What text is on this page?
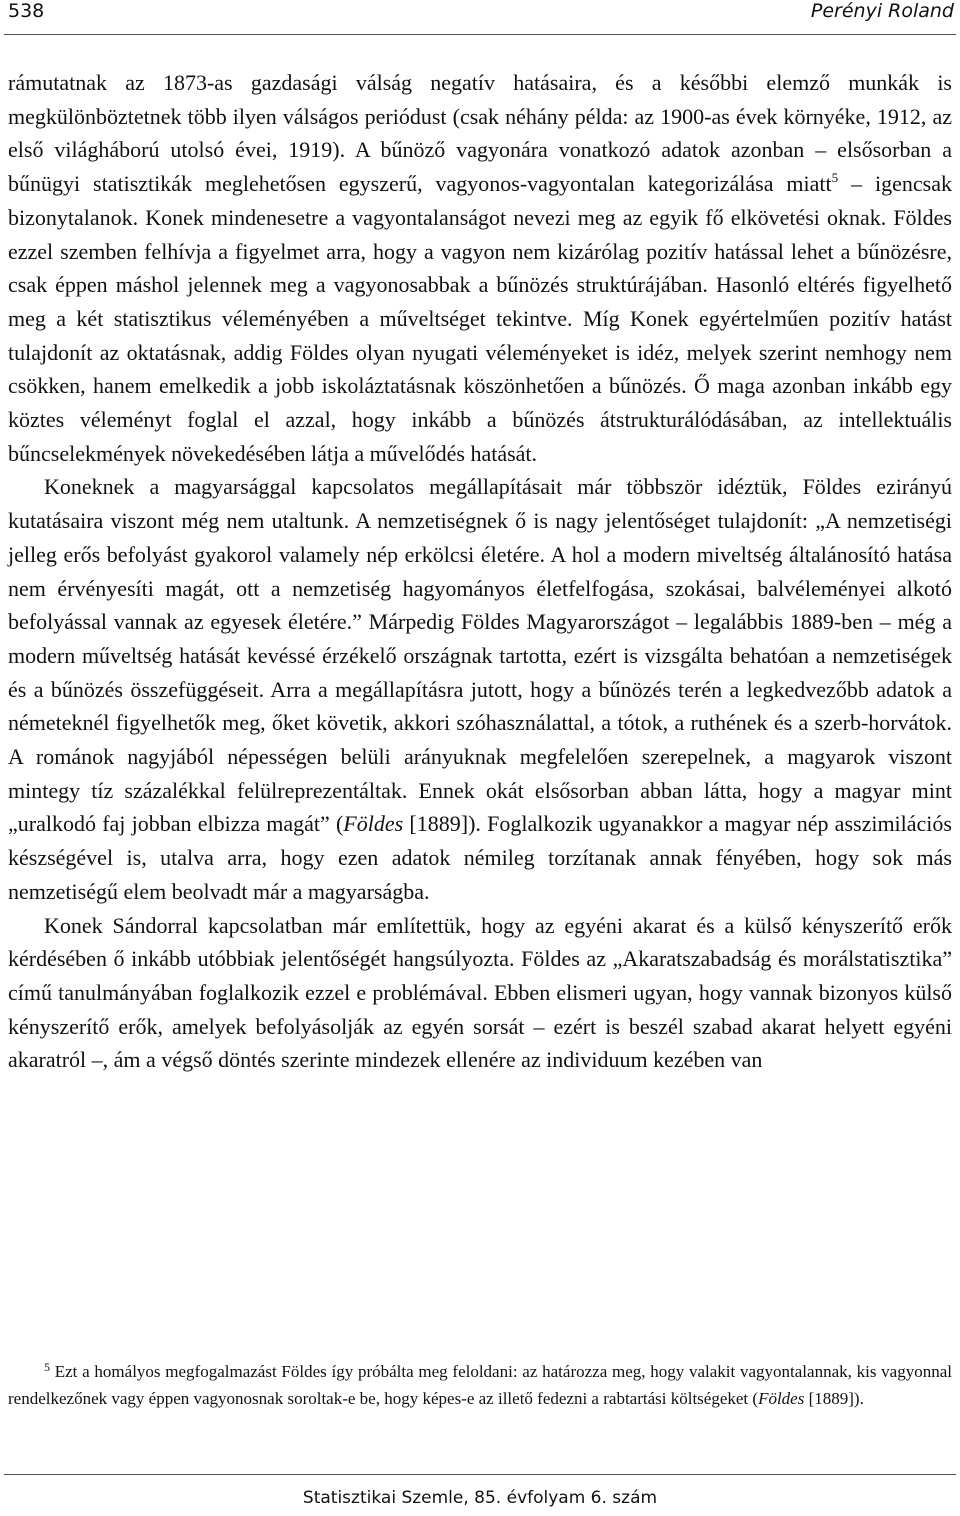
538	Perényi Roland

rámutatnak az 1873-as gazdasági válság negatív hatásaira, és a későbbi elemző munkák is megkülönböztetnek több ilyen válságos periódust (csak néhány példa: az 1900-as évek környéke, 1912, az első világháború utolsó évei, 1919). A bűnöző vagyonára vonatkozó adatok azonban – elsősorban a bűnügyi statisztikák meglehetősen egyszerű, vagyonos-vagyontalan kategorizálása miatt$^5$ – igencsak bizonytalanok. Konek mindenesetre a vagyontalanságot nevezi meg az egyik fő elkövetési oknak. Földes ezzel szemben felhívja a figyelmet arra, hogy a vagyon nem kizárólag pozitív hatással lehet a bűnözésre, csak éppen máshol jelennek meg a vagyonosabbak a bűnözés struktúrájában. Hasonló eltérés figyelhető meg a két statisztikus véleményében a műveltséget tekintve. Míg Konek egyértelműen pozitív hatást tulajdonít az oktatásnak, addig Földes olyan nyugati véleményeket is idéz, melyek szerint nemhogy nem csökken, hanem emelkedik a jobb iskoláztatásnak köszönhetően a bűnözés. Ő maga azonban inkább egy köztes véleményt foglal el azzal, hogy inkább a bűnözés átstrukturálódásában, az intellektuális bűncselekmények növekedésében látja a művelődés hatását.

Koneknek a magyarsággal kapcsolatos megállapításait már többször idéztük, Földes ezirányú kutatásaira viszont még nem utaltunk. A nemzetiségnek ő is nagy jelentőséget tulajdonít: „A nemzetiségi jelleg erős befolyást gyakorol valamely nép erkölcsi életére. A hol a modern miveltség általánosító hatása nem érvényesíti magát, ott a nemzetiség hagyományos életfelfogása, szokásai, balvéleményei alkotó befolyással vannak az egyesek életére.” Márpedig Földes Magyarországot – legalábbis 1889-ben – még a modern műveltség hatását kevéssé érzékelő országnak tartotta, ezért is vizsgálta behatóan a nemzetiségek és a bűnözés összefüggéseit. Arra a megállapításra jutott, hogy a bűnözés terén a legkedvezőbb adatok a németeknél figyelhetők meg, őket követik, akkori szóhasználattal, a tótok, a ruthének és a szerb-horvátok. A románok nagyjából népességen belüli arányuknak megfelelően szerepelnek, a magyarok viszont mintegy tíz százalékkal felülreprezentáltak. Ennek okát elsősorban abban látta, hogy a magyar mint „uralkodó faj jobban elbizza magát” (Földes [1889]). Foglalkozik ugyanakkor a magyar nép asszimilációs készségével is, utalva arra, hogy ezen adatok némileg torzítanak annak fényében, hogy sok más nemzetiségű elem beolvadt már a magyarságba.

Konek Sándorral kapcsolatban már említettük, hogy az egyéni akarat és a külső kényszerítő erők kérdésében ő inkább utóbbiak jelentőségét hangsúlyozta. Földes az „Akaratszabadság és morálstatisztika” című tanulmányában foglalkozik ezzel e problémával. Ebben elismeri ugyan, hogy vannak bizonyos külső kényszerítő erők, amelyek befolyásolják az egyén sorsát – ezért is beszél szabad akarat helyett egyéni akaratról –, ám a végső döntés szerinte mindezek ellenére az individuum kezében van

$^5$ Ezt a homályos megfogalmazást Földes így próbálta meg feloldani: az határozza meg, hogy valakit vagyontalannak, kis vagyonnal rendelkezőnek vagy éppen vagyonosnak soroltak-e be, hogy képes-e az illető fedezni a rabtartási költségeket (Földes [1889]).

Statisztikai Szemle, 85. évfolyam 6. szám
